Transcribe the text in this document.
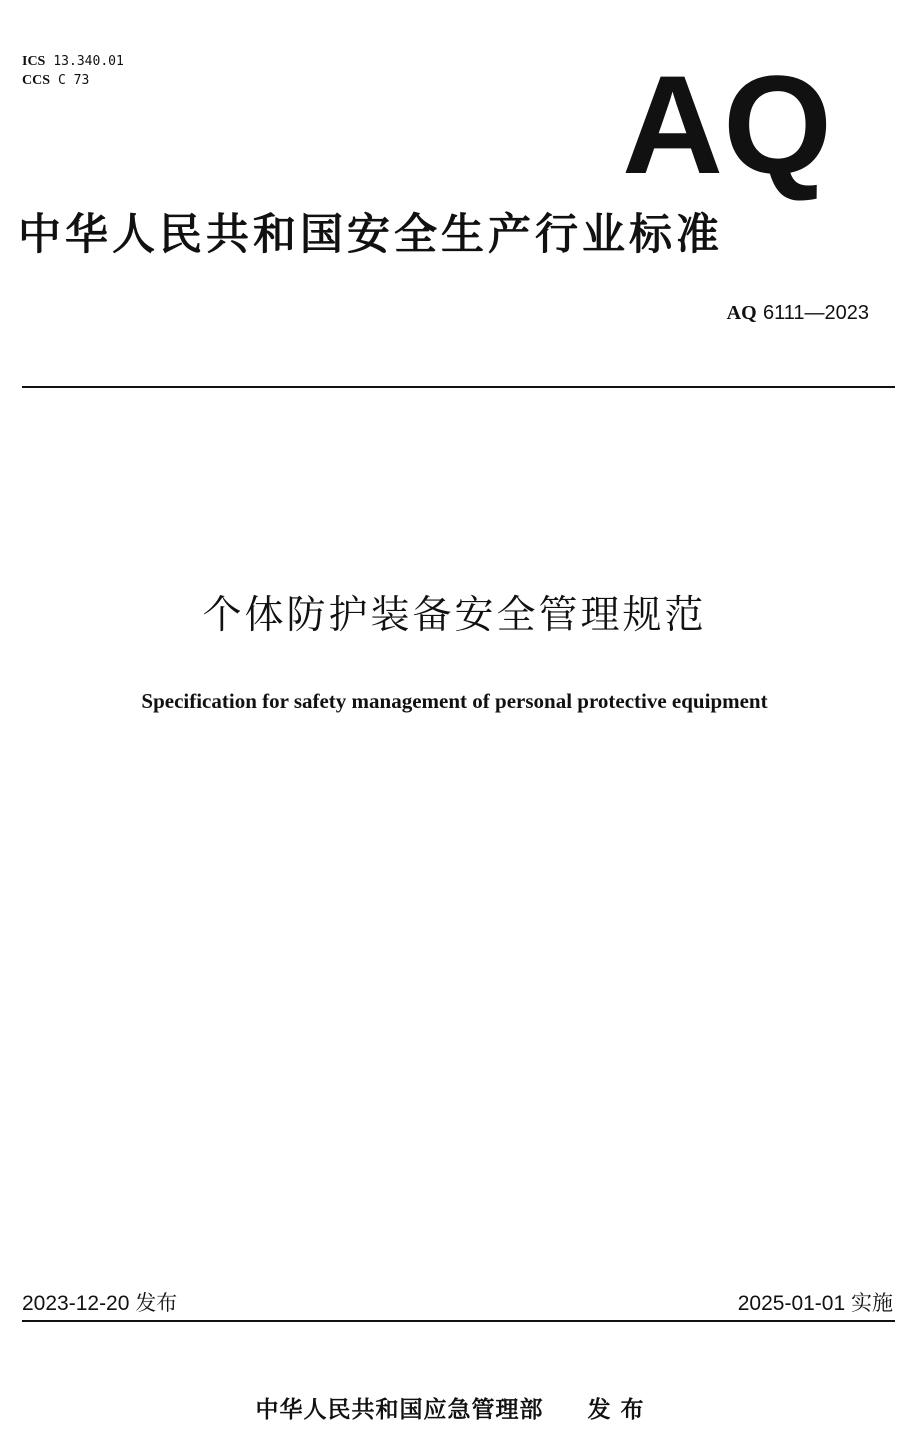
ICS 13.340.01
CCS C 73	AQ
中华人民共和国安全生产行业标准
AQ 6111—2023
个体防护装备安全管理规范
Specification for safety management of personal protective equipment
2023-12-20 发布	2025-01-01 实施
中华人民共和国应急管理部 发布
